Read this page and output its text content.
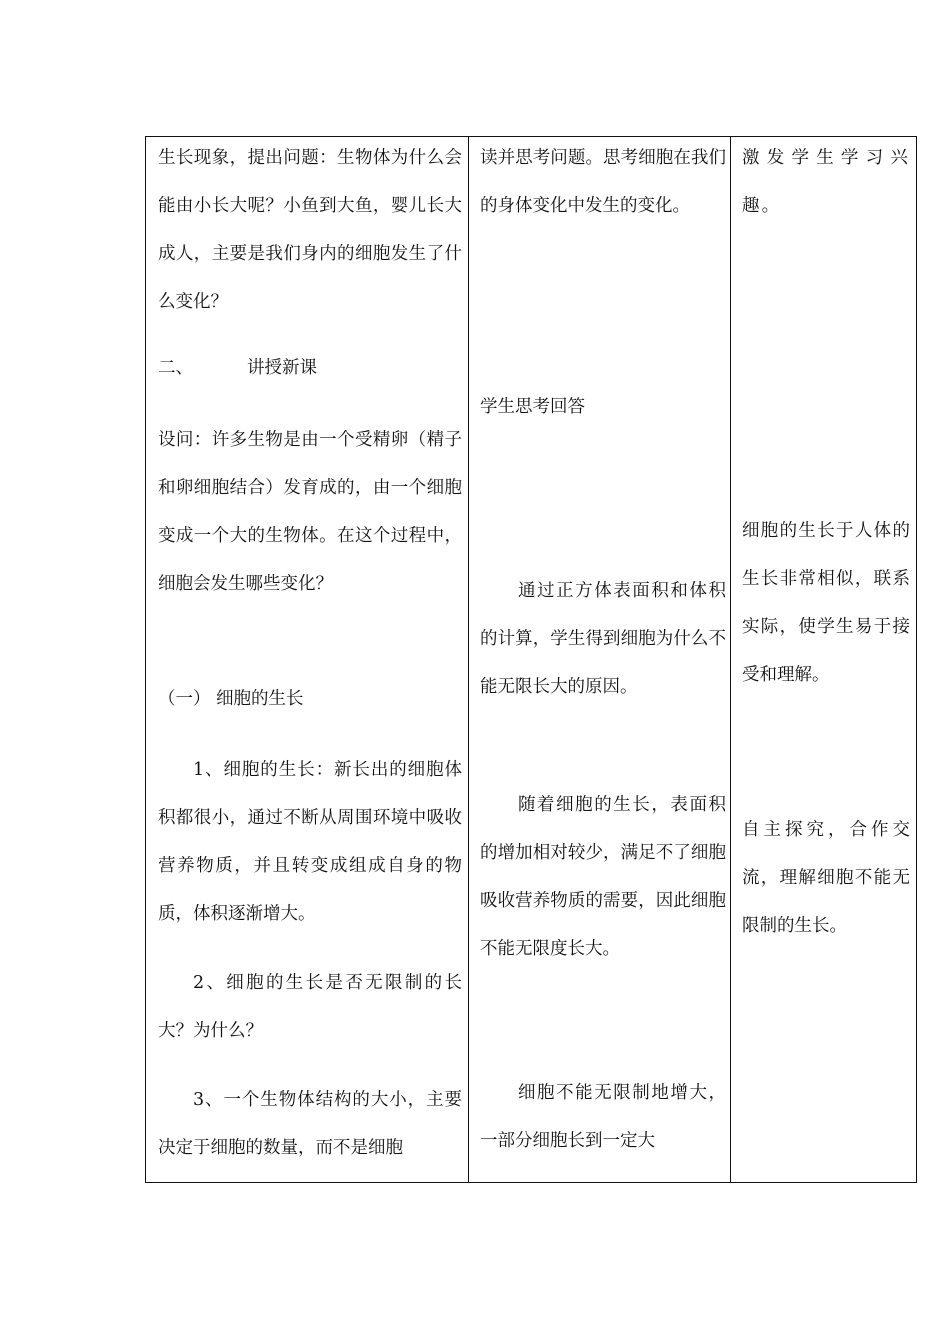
生长现象，提出问题：生物体为什么会能由小长大呢？小鱼到大鱼，婴儿长大成人，主要是我们身内的细胞发生了什么变化？

二、	讲授新课

设问：许多生物是由一个受精卵（精子和卵细胞结合）发育成的，由一个细胞变成一个大的生物体。在这个过程中，细胞会发生哪些变化？

（一） 细胞的生长

1、细胞的生长：新长出的细胞体积都很小，通过不断从周围环境中吸收营养物质，并且转变成组成自身的物质，体积逐渐增大。

2、细胞的生长是否无限制的长大？为什么？

3、一个生物体结构的大小，主要决定于细胞的数量，而不是细胞

读并思考问题。思考细胞在我们的身体变化中发生的变化。

学生思考回答

通过正方体表面积和体积的计算，学生得到细胞为什么不能无限长大的原因。

随着细胞的生长，表面积的增加相对较少，满足不了细胞吸收营养物质的需要，因此细胞不能无限度长大。

细胞不能无限制地增大，一部分细胞长到一定大

激发学生学习兴趣。

细胞的生长于人体的生长非常相似，联系实际，使学生易于接受和理解。

自主探究，合作交流，理解细胞不能无限制的生长。
